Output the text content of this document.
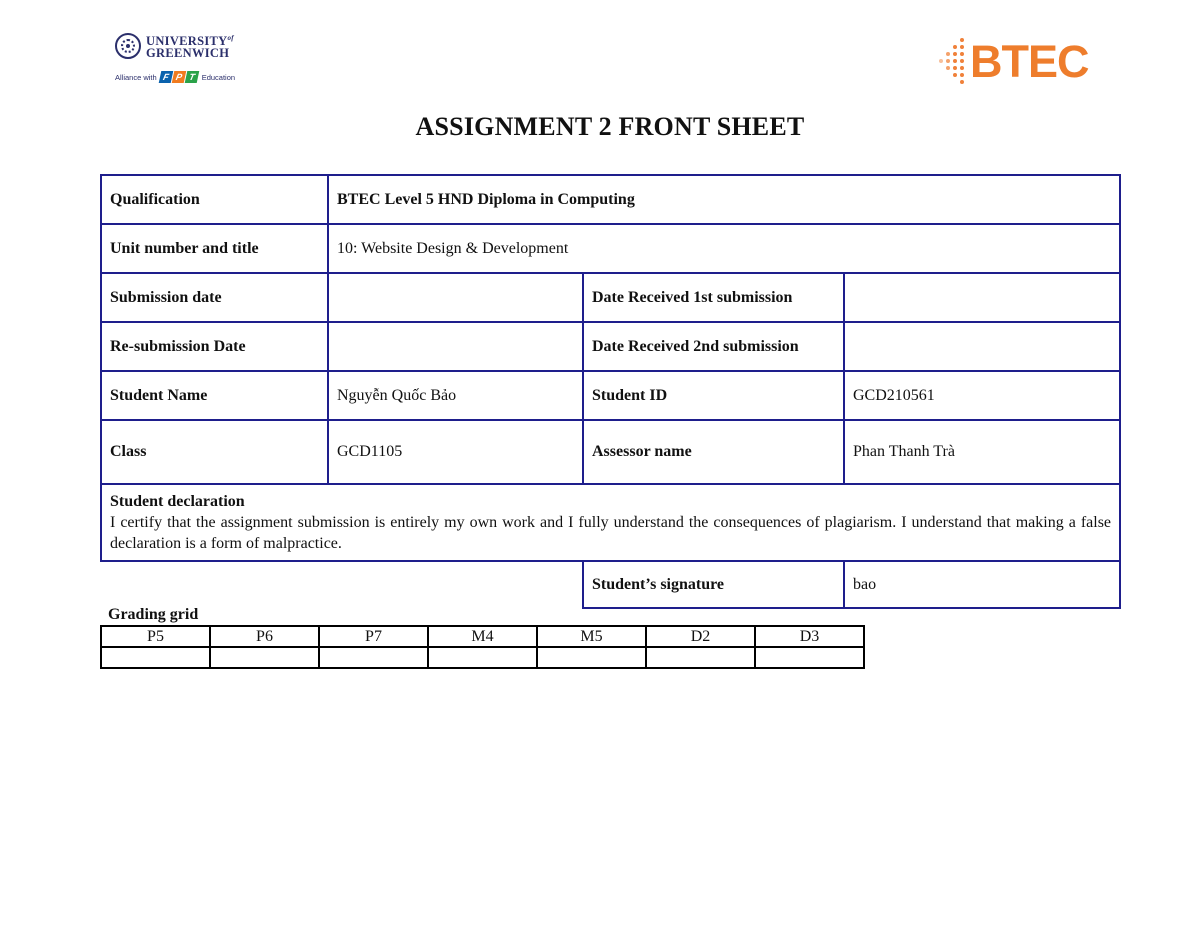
$UNIVERSITY^{of}$
GREENWICH
Alliance with F P T Education	BTEC
ASSIGNMENT 2 FRONT SHEET
Qualification	BTEC Level 5 HND Diploma in Computing		
Unit number and title	10: Website Design & Development		
Submission date		Date Received 1st submission	
Re-submission Date		Date Received 2nd submission	
Student Name	Nguyễn Quốc Bảo	Student ID	GCD210561
Class	GCD1105	Assessor name	Phan Thanh Trà

Student declaration
I certify that the assignment submission is entirely my own work and I fully understand the consequences of plagiarism. I understand that making a false declaration is a form of malpractice.			

		Student’s signature	bao
Grading grid
P5	P6	P7	M4	M5	D2	D3
